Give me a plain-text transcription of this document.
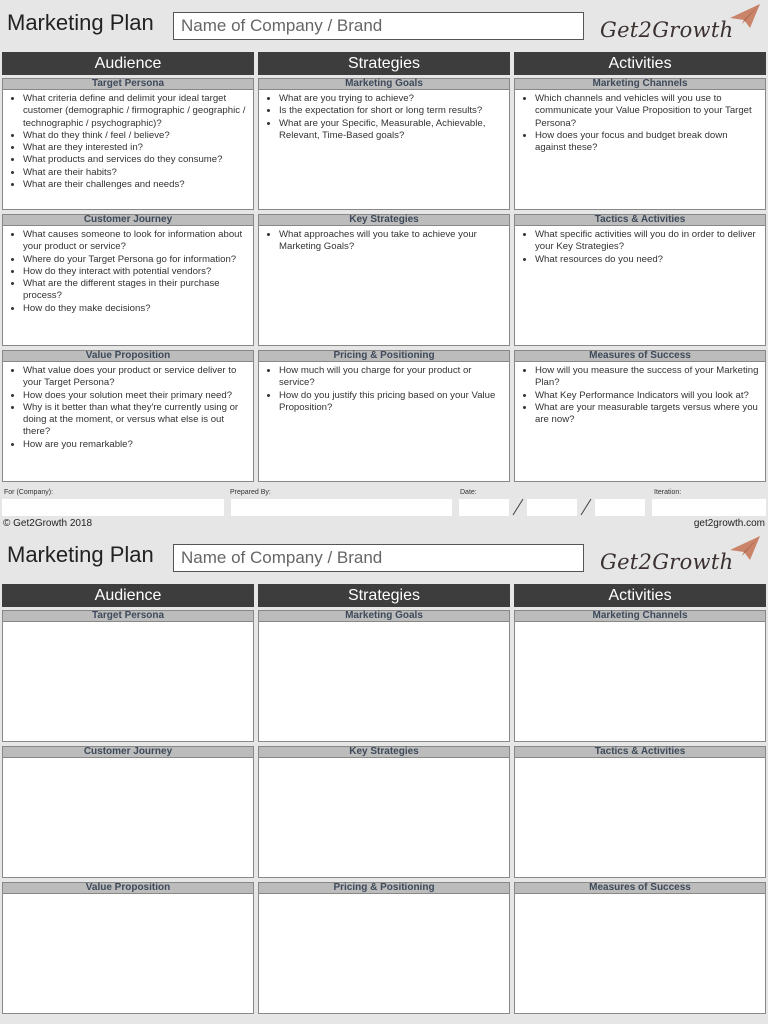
Marketing Plan	Name of Company / Brand	Get2Growth
Audience
Target Persona
• What criteria define and delimit your ideal target customer (demographic / firmographic / geographic / technographic / psychographic)?
• What do they think / feel / believe?
• What are they interested in?
• What products and services do they consume?
• What are their habits?
• What are their challenges and needs?
Customer Journey
• What causes someone to look for information about your product or service?
• Where do your Target Persona go for information?
• How do they interact with potential vendors?
• What are the different stages in their purchase process?
• How do they make decisions?
Value Proposition
• What value does your product or service deliver to your Target Persona?
• How does your solution meet their primary need?
• Why is it better than what they're currently using or doing at the moment, or versus what else is out there?
• How are you remarkable?
Strategies
Marketing Goals
• What are you trying to achieve?
• Is the expectation for short or long term results?
• What are your Specific, Measurable, Achievable, Relevant, Time-Based goals?
Key Strategies
• What approaches will you take to achieve your Marketing Goals?
Pricing & Positioning
• How much will you charge for your product or service?
• How do you justify this pricing based on your Value Proposition?
Activities
Marketing Channels
• Which channels and vehicles will you use to communicate your Value Proposition to your Target Persona?
• How does your focus and budget break down against these?
Tactics & Activities
• What specific activities will you do in order to deliver your Key Strategies?
• What resources do you need?
Measures of Success
• How will you measure the success of your Marketing Plan?
• What Key Performance Indicators will you look at?
• What are your measurable targets versus where you are now?
For (Company):	Prepared By:	Date:	Iteration:
© Get2Growth 2018	get2growth.com
Marketing Plan	Name of Company / Brand	Get2Growth
Audience
Target Persona
Customer Journey
Value Proposition
Strategies
Marketing Goals
Key Strategies
Pricing & Positioning
Activities
Marketing Channels
Tactics & Activities
Measures of Success
